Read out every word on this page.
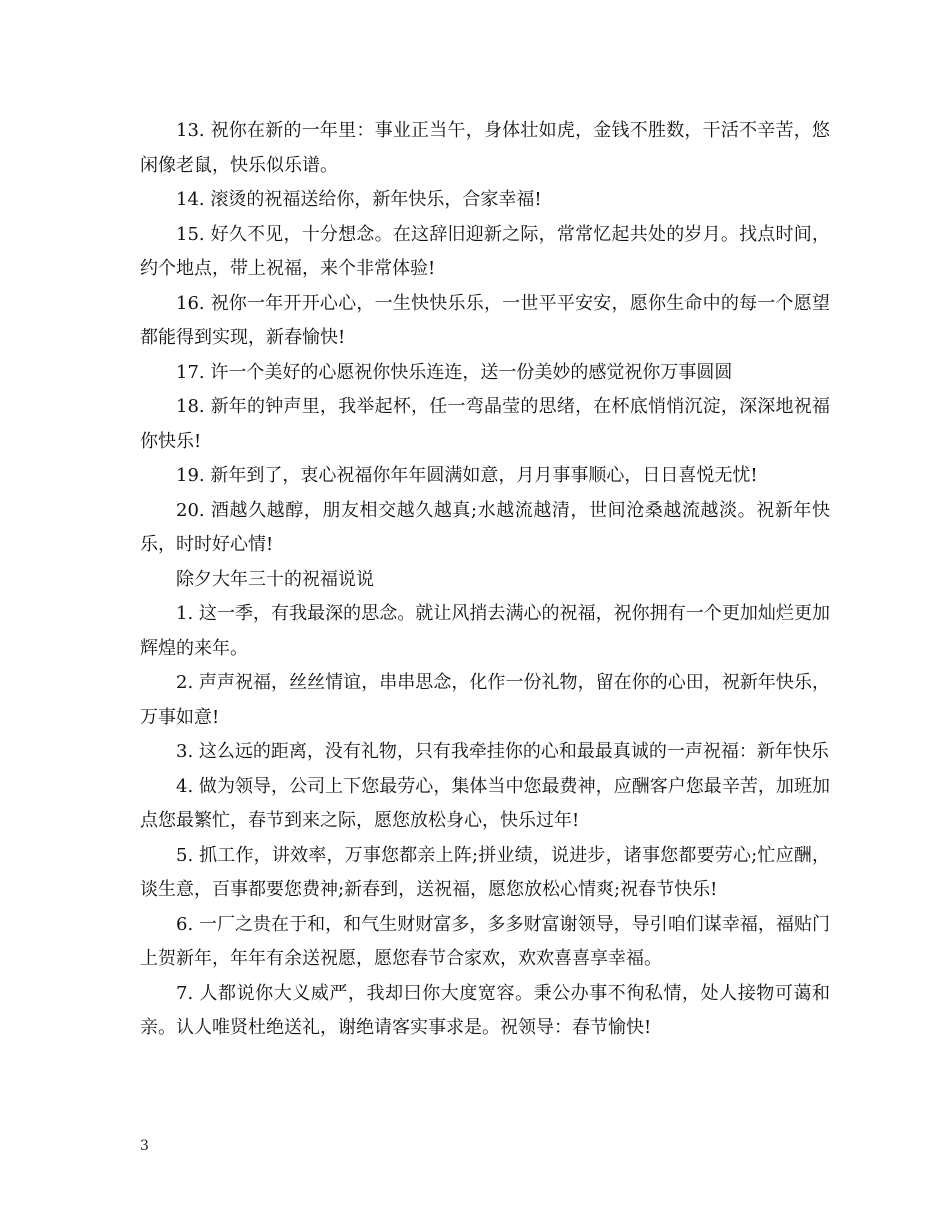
13. 祝你在新的一年里：事业正当午，身体壮如虎，金钱不胜数，干活不辛苦，悠闲像老鼠，快乐似乐谱。

14. 滚烫的祝福送给你，新年快乐，合家幸福!

15. 好久不见，十分想念。在这辞旧迎新之际，常常忆起共处的岁月。找点时间，约个地点，带上祝福，来个非常体验!

16. 祝你一年开开心心，一生快快乐乐，一世平平安安，愿你生命中的每一个愿望都能得到实现，新春愉快!

17. 许一个美好的心愿祝你快乐连连，送一份美妙的感觉祝你万事圆圆

18. 新年的钟声里，我举起杯，任一弯晶莹的思绪，在杯底悄悄沉淀，深深地祝福你快乐!

19. 新年到了，衷心祝福你年年圆满如意，月月事事顺心，日日喜悦无忧!

20. 酒越久越醇，朋友相交越久越真;水越流越清，世间沧桑越流越淡。祝新年快乐，时时好心情!

除夕大年三十的祝福说说

1. 这一季，有我最深的思念。就让风捎去满心的祝福，祝你拥有一个更加灿烂更加辉煌的来年。

2. 声声祝福，丝丝情谊，串串思念，化作一份礼物，留在你的心田，祝新年快乐，万事如意!

3. 这么远的距离，没有礼物，只有我牵挂你的心和最最真诚的一声祝福：新年快乐

4. 做为领导，公司上下您最劳心，集体当中您最费神，应酬客户您最辛苦，加班加点您最繁忙，春节到来之际，愿您放松身心，快乐过年!

5. 抓工作，讲效率，万事您都亲上阵;拼业绩，说进步，诸事您都要劳心;忙应酬，谈生意，百事都要您费神;新春到，送祝福，愿您放松心情爽;祝春节快乐!

6. 一厂之贵在于和，和气生财财富多，多多财富谢领导，导引咱们谋幸福，福贴门上贺新年，年年有余送祝愿，愿您春节合家欢，欢欢喜喜享幸福。

7. 人都说你大义威严，我却曰你大度宽容。秉公办事不徇私情，处人接物可蔼和亲。认人唯贤杜绝送礼，谢绝请客实事求是。祝领导：春节愉快!

3
